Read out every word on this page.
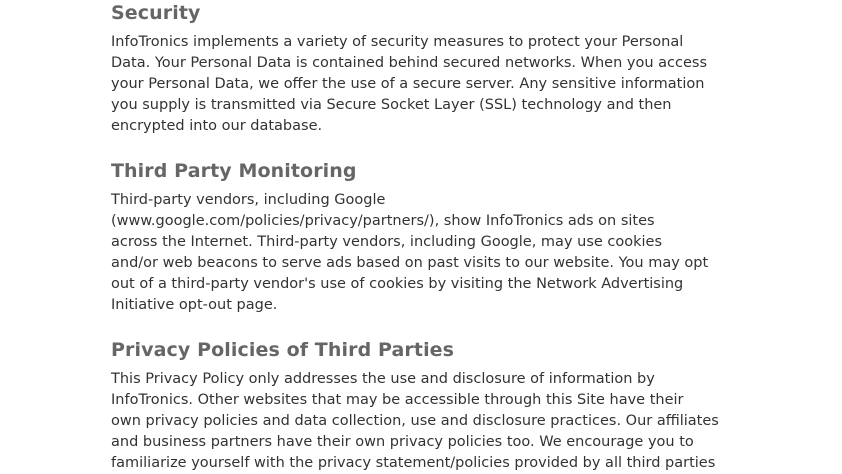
Security
InfoTronics implements a variety of security measures to protect your Personal
Data. Your Personal Data is contained behind secured networks. When you access
your Personal Data, we offer the use of a secure server. Any sensitive information
you supply is transmitted via Secure Socket Layer (SSL) technology and then
encrypted into our database.
Third Party Monitoring
Third-party vendors, including Google
(www.google.com/policies/privacy/partners/), show InfoTronics ads on sites
across the Internet. Third-party vendors, including Google, may use cookies
and/or web beacons to serve ads based on past visits to our website. You may opt
out of a third-party vendor's use of cookies by visiting the Network Advertising
Initiative opt-out page.
Privacy Policies of Third Parties
This Privacy Policy only addresses the use and disclosure of information by
InfoTronics. Other websites that may be accessible through this Site have their
own privacy policies and data collection, use and disclosure practices. Our affiliates
and business partners have their own privacy policies too. We encourage you to
familiarize yourself with the privacy statement/policies provided by all third parties
